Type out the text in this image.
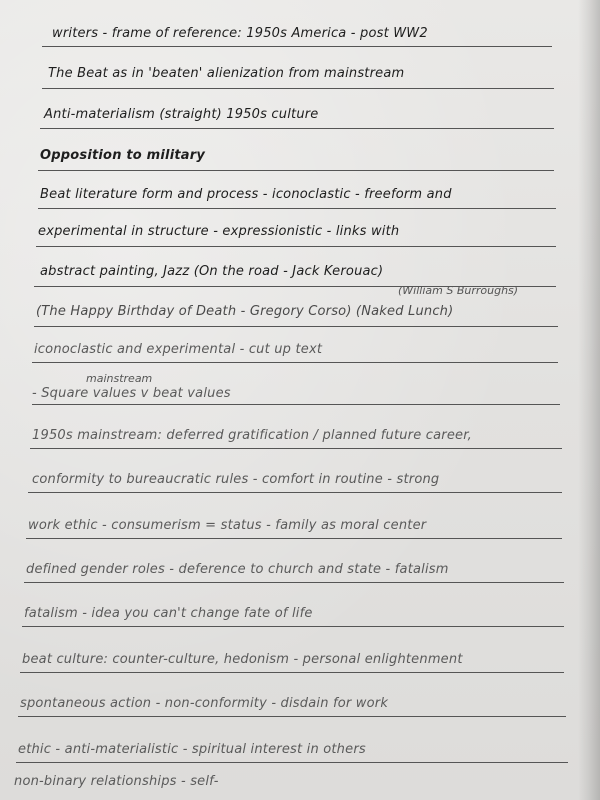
writers - frame of reference: 1950s America - post WW2
The Beat as in 'beaten' alienization from mainstream
Anti-materialism (straight) 1950s culture
Opposition to military
Beat literature form and process - iconoclastic - freeform and
experimental in structure - expressionistic - links with
abstract painting, Jazz (On the road - Jack Kerouac)
(William S Burroughs)
(The Happy Birthday of Death - Gregory Corso) (Naked Lunch)
iconoclastic and experimental - cut up text
mainstream
- Square values v beat values
1950s mainstream: deferred gratification / planned future career,
conformity to bureaucratic rules - comfort in routine - strong
work ethic - consumerism = status - family as moral center
defined gender roles - deference to church and state - fatalism
fatalism - idea you can't change fate of life
beat culture: counter-culture, hedonism - personal enlightenment
spontaneous action - non-conformity - disdain for work
ethic - anti-materialistic - spiritual interest in others
non-binary relationships - self-
